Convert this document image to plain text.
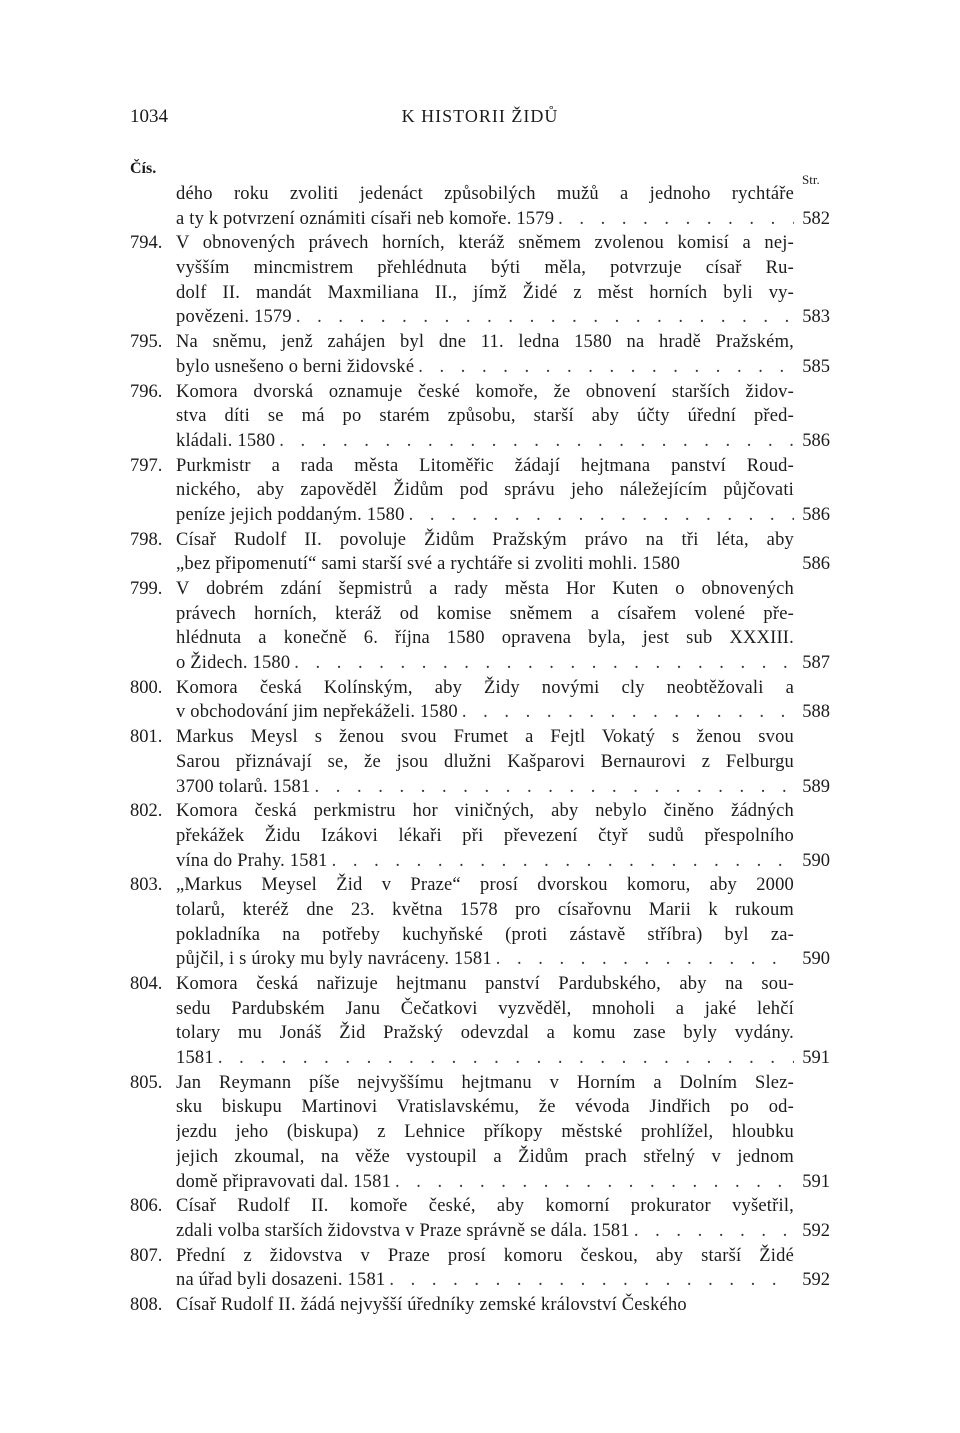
1034	K HISTORII ŽIDŮ
Čís.
Str.
dého roku zvoliti jedenáct způsobilých mužů a jednoho rychtáře
a ty k potvrzení oznámiti císaři neb komoře. 1579 . . .	582
794. V obnovených právech horních, kteráž sněmem zvolenou komisí a nej-
vyšším mincmistrem přehlédnuta býti měla, potvrzuje císař Ru-
dolf II. mandát Maxmiliana II., jímž Židé z měst horních byli vy-
povězeni. 1579 . . .	583
795. Na sněmu, jenž zahájen byl dne 11. ledna 1580 na hradě Pražském,
bylo usnešeno o berni židovské . . .	585
796. Komora dvorská oznamuje české komoře, že obnovení starších židov-
stva díti se má po starém způsobu, starší aby účty úřední před-
kládali. 1580 . . .	586
797. Purkmistr a rada města Litoměřic žádají hejtmana panství Roud-
nického, aby zapověděl Židům pod správu jeho náležejícím půjčovati
peníze jejich poddaným. 1580 . . .	586
798. Císař Rudolf II. povoluje Židům Pražským právo na tři léta, aby
„bez připomenutí“ sami starší své a rychtáře si zvoliti mohli. 1580	586
799. V dobrém zdání šepmistrů a rady města Hor Kuten o obnovených
právech horních, kteráž od komise sněmem a císařem volené pře-
hlédnuta a konečně 6. října 1580 opravena byla, jest sub XXXIII.
o Židech. 1580 . . .	587
800. Komora česká Kolínským, aby Židy novými cly neobtěžovali a
v obchodování jim nepřekáželi. 1580 . . .	588
801. Markus Meysl s ženou svou Frumet a Fejtl Vokatý s ženou svou
Sarou přiznávají se, že jsou dlužni Kašparovi Bernaurovi z Felburgu
3700 tolarů. 1581 . . .	589
802. Komora česká perkmistru hor viničných, aby nebylo činěno žádných
překážek Židu Izákovi lékaři při převezení čtyř sudů přespolního
vína do Prahy. 1581 . . .	590
803. „Markus Meysel Žid v Praze“ prosí dvorskou komoru, aby 2000
tolarů, kteréž dne 23. května 1578 pro císařovnu Marii k rukoum
pokladníka na potřeby kuchyňské (proti zástavě stříbra) byl za-
půjčil, i s úroky mu byly navráceny. 1581 . . .	590
804. Komora česká nařizuje hejtmanu panství Pardubského, aby na sou-
sedu Pardubském Janu Čečatkovi vyzvěděl, mnoholi a jaké lehčí
tolary mu Jonáš Žid Pražský odevzdal a komu zase byly vydány.
1581 . . .	591
805. Jan Reymann píše nejvyššímu hejtmanu v Horním a Dolním Slez-
sku biskupu Martinovi Vratislavskému, že vévoda Jindřich po od-
jezdu jeho (biskupa) z Lehnice příkopy městské prohlížel, hloubku
jejich zkoumal, na věže vystoupil a Židům prach střelný v jednom
domě připravovati dal. 1581 . . .	591
806. Císař Rudolf II. komoře české, aby komorní prokurator vyšetřil,
zdali volba starších židovstva v Praze správně se dála. 1581 . . .	592
807. Přední z židovstva v Praze prosí komoru českou, aby starší Židé
na úřad byli dosazeni. 1581 . . .	592
808. Císař Rudolf II. žádá nejvyšší úředníky zemské království Českého
